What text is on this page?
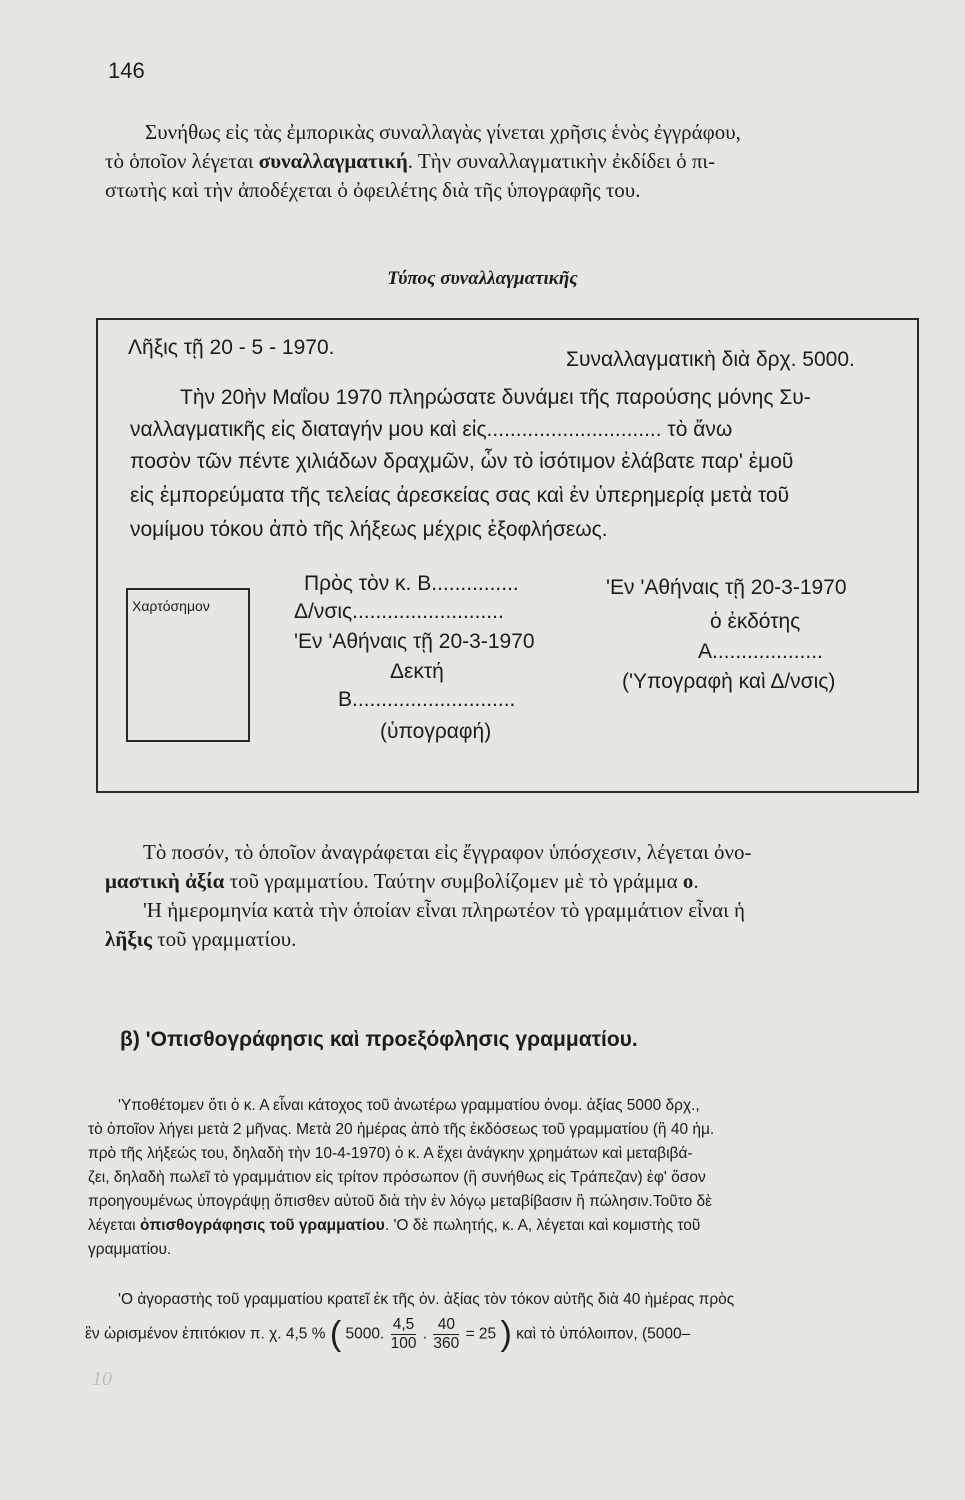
146
10
Συνήθως εἰς τὰς ἐμπορικὰς συναλλαγὰς γίνεται χρῆσις ἑνὸς ἐγγράφου,
τὸ ὁποῖον λέγεται συναλλαγματική. Τὴν συναλλαγματικὴν ἐκδίδει ὁ πι-
στωτὴς καὶ τὴν ἀποδέχεται ὁ ὀφειλέτης διὰ τῆς ὑπογραφῆς του.
Τύπος συναλλαγματικῆς
Λῆξις τῇ 20 - 5 - 1970.
Συναλλαγματικὴ διὰ δρχ. 5000.
Τὴν 20ὴν Μαΐου 1970 πληρώσατε δυνάμει τῆς παρούσης μόνης Συ-
ναλλαγματικῆς εἰς διαταγήν μου καὶ εἰς.............................. τὸ ἄνω
ποσὸν τῶν πέντε χιλιάδων δραχμῶν, ὧν τὸ ἰσότιμον ἐλάβατε παρ' ἐμοῦ
εἰς ἐμπορεύματα τῆς τελείας ἀρεσκείας σας καὶ ἐν ὑπερημερίᾳ μετὰ τοῦ
νομίμου τόκου ἀπὸ τῆς λήξεως μέχρις ἐξοφλήσεως.
Χαρτόσημον
Πρὸς τὸν κ. Β...............
Δ/νσις..........................
'Εν 'Αθήναις τῇ 20-3-1970
Δεκτή
Β............................
(ὑπογραφή)
'Εν 'Αθήναις τῇ 20-3-1970
ὁ ἐκδότης
Α...................
('Υπογραφὴ καὶ Δ/νσις)
Τὸ ποσόν, τὸ ὁποῖον ἀναγράφεται εἰς ἔγγραφον ὑπόσχεσιν, λέγεται ὀνο-
μαστικὴ ἀξία τοῦ γραμματίου. Ταύτην συμβολίζομεν μὲ τὸ γράμμα ο.
'Η ἡμερομηνία κατὰ τὴν ὁποίαν εἶναι πληρωτέον τὸ γραμμάτιον εἶναι ἡ
λῆξις τοῦ γραμματίου.
β) 'Οπισθογράφησις καὶ προεξόφλησις γραμματίου.
'Υποθέτομεν ὅτι ὁ κ. Α εἶναι κάτοχος τοῦ ἀνωτέρω γραμματίου ὀνομ. ἀξίας 5000 δρχ.,
τὸ ὁποῖον λήγει μετὰ 2 μῆνας. Μετὰ 20 ἡμέρας ἀπὸ τῆς ἐκδόσεως τοῦ γραμματίου (ἢ 40 ἡμ.
πρὸ τῆς λήξεώς του, δηλαδὴ τὴν 10-4-1970) ὁ κ. Α ἔχει ἀνάγκην χρημάτων καὶ μεταβιβά-
ζει, δηλαδὴ πωλεῖ τὸ γραμμάτιον εἰς τρίτον πρόσωπον (ἢ συνήθως εἰς Τράπεζαν) ἐφ' ὅσον
προηγουμένως ὑπογράψῃ ὄπισθεν αὐτοῦ διὰ τὴν ἐν λόγῳ μεταβίβασιν ἢ πώλησιν.Τοῦτο δὲ
λέγεται ὀπισθογράφησις τοῦ γραμματίου. 'Ο δὲ πωλητής, κ. Α, λέγεται καὶ κομιστὴς τοῦ
γραμματίου.
'Ο ἀγοραστὴς τοῦ γραμματίου κρατεῖ ἐκ τῆς ὀν. ἀξίας τὸν τόκον αὐτῆς διὰ 40 ἡμέρας πρὸς
ἓν ὡρισμένον ἐπιτόκιον π. χ. 4,5 % ( 5000. $\frac{4,5}{100}$ . $\frac{40}{360} = 25$ ) καὶ τὸ ὑπόλοιπον, (5000–
